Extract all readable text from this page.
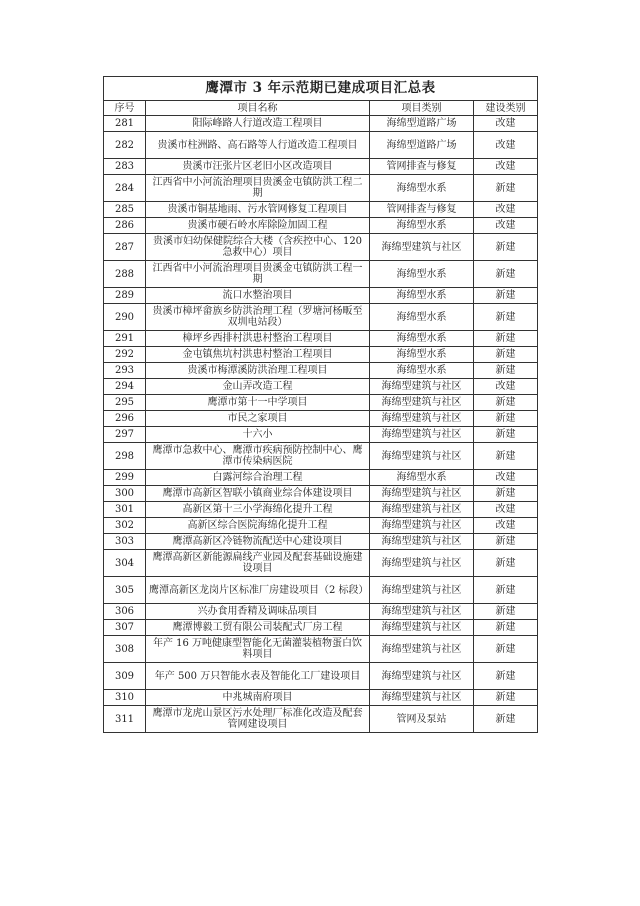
鹰潭市 3 年示范期已建成项目汇总表			
序号	项目名称	项目类别	建设类别
281	阳际峰路人行道改造工程项目	海绵型道路广场	改建
282	贵溪市柱洲路、高石路等人行道改造工程项目	海绵型道路广场	改建
283	贵溪市汪张片区老旧小区改造项目	管网排查与修复	改建
284	江西省中小河流治理项目贵溪金屯镇防洪工程二期	海绵型水系	新建
285	贵溪市铜基地雨、污水管网修复工程项目	管网排查与修复	改建
286	贵溪市硬石岭水库除险加固工程	海绵型水系	改建
287	贵溪市妇幼保健院综合大楼（含疾控中心、120 急救中心）项目	海绵型建筑与社区	新建
288	江西省中小河流治理项目贵溪金屯镇防洪工程一期	海绵型水系	新建
289	流口水整治项目	海绵型水系	新建
290	贵溪市樟坪畲族乡防洪治理工程（罗塘河杨畈至双圳电站段）	海绵型水系	新建
291	樟坪乡西排村洪患村整治工程项目	海绵型水系	新建
292	金屯镇焦坑村洪患村整治工程项目	海绵型水系	新建
293	贵溪市梅潭溪防洪治理工程项目	海绵型水系	新建
294	金山弄改造工程	海绵型建筑与社区	改建
295	鹰潭市第十一中学项目	海绵型建筑与社区	新建
296	市民之家项目	海绵型建筑与社区	新建
297	十六小	海绵型建筑与社区	新建
298	鹰潭市急救中心、鹰潭市疾病预防控制中心、鹰潭市传染病医院	海绵型建筑与社区	新建
299	白露河综合治理工程	海绵型水系	改建
300	鹰潭市高新区智联小镇商业综合体建设项目	海绵型建筑与社区	新建
301	高新区第十三小学海绵化提升工程	海绵型建筑与社区	改建
302	高新区综合医院海绵化提升工程	海绵型建筑与社区	改建
303	鹰潭高新区冷链物流配送中心建设项目	海绵型建筑与社区	新建
304	鹰潭高新区新能源扁线产业园及配套基础设施建设项目	海绵型建筑与社区	新建
305	鹰潭高新区龙岗片区标准厂房建设项目（2 标段）	海绵型建筑与社区	新建
306	兴办食用香精及调味品项目	海绵型建筑与社区	新建
307	鹰潭博毅工贸有限公司装配式厂房工程	海绵型建筑与社区	新建
308	年产 16 万吨健康型智能化无菌灌装植物蛋白饮料项目	海绵型建筑与社区	新建
309	年产 500 万只智能水表及智能化工厂建设项目	海绵型建筑与社区	新建
310	中兆城南府项目	海绵型建筑与社区	新建
311	鹰潭市龙虎山景区污水处理厂标准化改造及配套管网建设项目	管网及泵站	新建
